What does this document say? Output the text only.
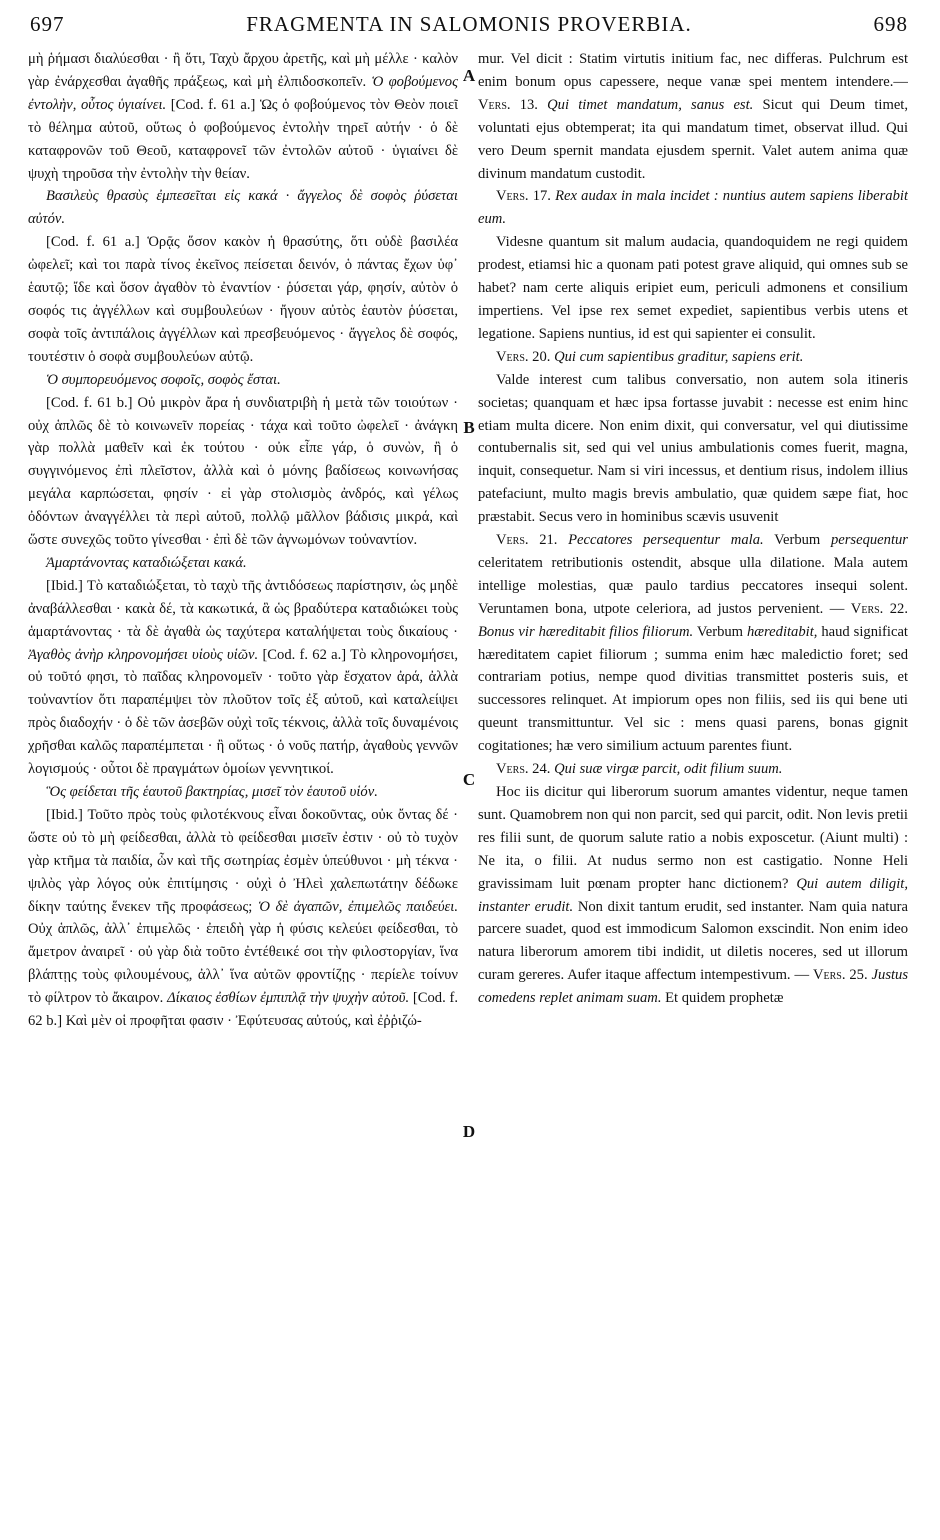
697	FRAGMENTA IN SALOMONIS PROVERBIA.	698
A
B
C
D

μὴ ῥήμασι διαλύεσθαι · ἢ ὅτι, Ταχὺ ἄρχου ἀρετῆς, καὶ μὴ μέλλε · καλὸν γὰρ ἐνάρχεσθαι ἀγαθῆς πράξεως, καὶ μὴ ἐλπιδοσκοπεῖν. Ὁ φοβούμενος ἐντολὴν, οὗτος ὑγιαίνει. [Cod. f. 61 a.] Ὡς ὁ φοβούμενος τὸν Θεὸν ποιεῖ τὸ θέλημα αὐτοῦ, οὕτως ὁ φοβούμενος ἐντολὴν τηρεῖ αὐτήν · ὁ δὲ καταφρονῶν τοῦ Θεοῦ, καταφρονεῖ τῶν ἐντολῶν αὐτοῦ · ὑγιαίνει δὲ ψυχὴ τηροῦσα τὴν ἐντολὴν τὴν θείαν.

Βασιλεὺς θρασὺς ἐμπεσεῖται εἰς κακά · ἄγγελος δὲ σοφὸς ῥύσεται αὐτόν.

[Cod. f. 61 a.] Ὁρᾷς ὅσον κακὸν ἡ θρασύτης, ὅτι οὐδὲ βασιλέα ὠφελεῖ; καὶ τοι παρὰ τίνος ἐκεῖνος πείσεται δεινόν, ὁ πάντας ἔχων ὑφ᾽ ἑαυτῷ; ἴδε καὶ ὅσον ἀγαθὸν τὸ ἐναντίον · ῥύσεται γάρ, φησίν, αὐτὸν ὁ σοφός τις ἀγγέλλων καὶ συμβουλεύων · ἤγουν αὐτὸς ἑαυτὸν ῥύσεται, σοφὰ τοῖς ἀντιπάλοις ἀγγέλλων καὶ πρεσβευόμενος · ἄγγελος δὲ σοφός, τουτέστιν ὁ σοφὰ συμβουλεύων αὐτῷ.

Ὁ συμπορευόμενος σοφοῖς, σοφὸς ἔσται.

[Cod. f. 61 b.] Οὐ μικρὸν ἄρα ἡ συνδιατριβὴ ἡ μετὰ τῶν τοιούτων · οὐχ ἁπλῶς δὲ τὸ κοινωνεῖν πορείας · τάχα καὶ τοῦτο ὠφελεῖ · ἀνάγκη γὰρ πολλὰ μαθεῖν καὶ ἐκ τούτου · οὐκ εἶπε γάρ, ὁ συνὼν, ἢ ὁ συγγινόμενος ἐπὶ πλεῖστον, ἀλλὰ καὶ ὁ μόνης βαδίσεως κοινωνήσας μεγάλα καρπώσεται, φησίν · εἰ γὰρ στολισμὸς ἀνδρός, καὶ γέλως ὀδόντων ἀναγγέλλει τὰ περὶ αὐτοῦ, πολλῷ μᾶλλον βάδισις μικρά, καὶ ὥστε συνεχῶς τοῦτο γίνεσθαι · ἐπὶ δὲ τῶν ἀγνωμόνων τοὐναντίον.

Ἁμαρτάνοντας καταδιώξεται κακά.

[Ibid.] Τὸ καταδιώξεται, τὸ ταχὺ τῆς ἀντιδόσεως παρίστησιν, ὡς μηδὲ ἀναβάλλεσθαι · κακὰ δέ, τὰ κακωτικά, ἃ ὡς βραδύτερα καταδιώκει τοὺς ἁμαρτάνοντας · τὰ δὲ ἀγαθὰ ὡς ταχύτερα καταλήψεται τοὺς δικαίους · Ἀγαθὸς ἀνὴρ κληρονομήσει υἱοὺς υἱῶν. [Cod. f. 62 a.] Τὸ κληρονομήσει, οὐ τοῦτό φησι, τὸ παῖδας κληρονομεῖν · τοῦτο γὰρ ἔσχατον ἀρά, ἀλλὰ τοὐναντίον ὅτι παραπέμψει τὸν πλοῦτον τοῖς ἐξ αὐτοῦ, καὶ καταλείψει πρὸς διαδοχήν · ὁ δὲ τῶν ἀσεβῶν οὐχὶ τοῖς τέκνοις, ἀλλὰ τοῖς δυναμένοις χρῆσθαι καλῶς παραπέμπεται · ἢ οὕτως · ὁ νοῦς πατήρ, ἀγαθοὺς γεννῶν λογισμούς · οὗτοι δὲ πραγμάτων ὁμοίων γεννητικοί.

Ὃς φείδεται τῆς ἑαυτοῦ βακτηρίας, μισεῖ τὸν ἑαυτοῦ υἱόν.

[Ibid.] Τοῦτο πρὸς τοὺς φιλοτέκνους εἶναι δοκοῦντας, οὐκ ὄντας δέ · ὥστε οὐ τὸ μὴ φείδεσθαι, ἀλλὰ τὸ φείδεσθαι μισεῖν ἐστιν · οὐ τὸ τυχὸν γὰρ κτῆμα τὰ παιδία, ὧν καὶ τῆς σωτηρίας ἐσμὲν ὑπεύθυνοι · μὴ τέκνα · ψιλὸς γὰρ λόγος οὐκ ἐπιτίμησις · οὐχὶ ὁ Ἠλεὶ χαλεπωτάτην δέδωκε δίκην ταύτης ἕνεκεν τῆς προφάσεως; Ὁ δὲ ἀγαπῶν, ἐπιμελῶς παιδεύει. Οὐχ ἁπλῶς, ἀλλ᾽ ἐπιμελῶς · ἐπειδὴ γὰρ ἡ φύσις κελεύει φείδεσθαι, τὸ ἄμετρον ἀναιρεῖ · οὐ γὰρ διὰ τοῦτο ἐντέθεικέ σοι τὴν φιλοστοργίαν, ἵνα βλάπτῃς τοὺς φιλουμένους, ἀλλ᾽ ἵνα αὐτῶν φροντίζῃς · περίελε τοίνυν τὸ φίλτρον τὸ ἄκαιρον. Δίκαιος ἐσθίων ἐμπιπλᾷ τὴν ψυχὴν αὐτοῦ. [Cod. f. 62 b.] Καὶ μὲν οἱ προφῆται φασιν · Ἐφύτευσας αὐτούς, καὶ ἐῤῥιζώ-

mur. Vel dicit : Statim virtutis initium fac, nec differas. Pulchrum est enim bonum opus capessere, neque vanæ spei mentem intendere.— Vers. 13. Qui timet mandatum, sanus est. Sicut qui Deum timet, voluntati ejus obtemperat; ita qui mandatum timet, observat illud. Qui vero Deum spernit mandata ejusdem spernit. Valet autem anima quæ divinum mandatum custodit.

Vers. 17. Rex audax in mala incidet : nuntius autem sapiens liberabit eum.

Videsne quantum sit malum audacia, quandoquidem ne regi quidem prodest, etiamsi hic a quonam pati potest grave aliquid, qui omnes sub se habet? nam certe aliquis eripiet eum, periculi admonens et consilium impertiens. Vel ipse rex semet expediet, sapientibus verbis utens et legatione. Sapiens nuntius, id est qui sapienter ei consulit.

Vers. 20. Qui cum sapientibus graditur, sapiens erit.

Valde interest cum talibus conversatio, non autem sola itineris societas; quanquam et hæc ipsa fortasse juvabit : necesse est enim hinc etiam multa dicere. Non enim dixit, qui conversatur, vel qui diutissime contubernalis sit, sed qui vel unius ambulationis comes fuerit, magna, inquit, consequetur. Nam si viri incessus, et dentium risus, indolem illius patefaciunt, multo magis brevis ambulatio, quæ quidem sæpe fiat, hoc præstabit. Secus vero in hominibus scævis usuvenit

Vers. 21. Peccatores persequentur mala. Verbum persequentur celeritatem retributionis ostendit, absque ulla dilatione. Mala autem intellige molestias, quæ paulo tardius peccatores insequi solent. Veruntamen bona, utpote celeriora, ad justos pervenient. — Vers. 22. Bonus vir hæreditabit filios filiorum. Verbum hæreditabit, haud significat hæreditatem capiet filiorum ; summa enim hæc maledictio foret; sed contrariam potius, nempe quod divitias transmittet posteris suis, et successores relinquet. At impiorum opes non filiis, sed iis qui bene uti queunt transmittuntur. Vel sic : mens quasi parens, bonas gignit cogitationes; hæ vero similium actuum parentes fiunt.

Vers. 24. Qui suæ virgæ parcit, odit filium suum.

Hoc iis dicitur qui liberorum suorum amantes videntur, neque tamen sunt. Quamobrem non qui non parcit, sed qui parcit, odit. Non levis pretii res filii sunt, de quorum salute ratio a nobis exposcetur. (Aiunt multi) : Ne ita, o filii. At nudus sermo non est castigatio. Nonne Heli gravissimam luit pœnam propter hanc dictionem? Qui autem diligit, instanter erudit. Non dixit tantum erudit, sed instanter. Nam quia natura parcere suadet, quod est immodicum Salomon exscindit. Non enim ideo natura liberorum amorem tibi indidit, ut diletis noceres, sed ut illorum curam gereres. Aufer itaque affectum intempestivum. — Vers. 25. Justus comedens replet animam suam. Et quidem prophetæ
